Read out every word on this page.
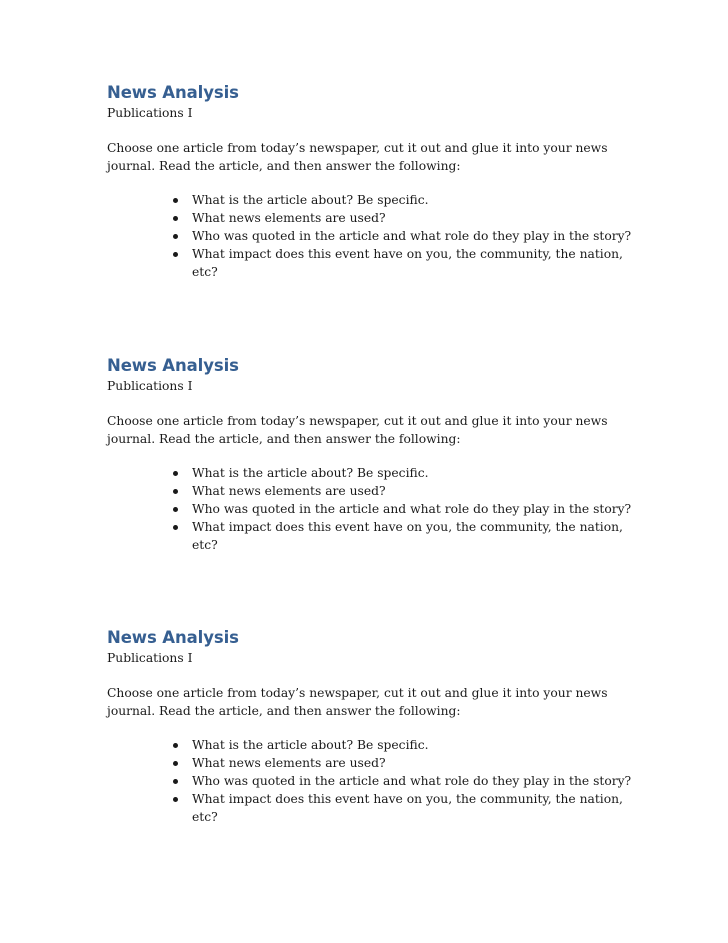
News Analysis
Publications I
Choose one article from today’s newspaper, cut it out and glue it into your news journal. Read the article, and then answer the following:
What is the article about? Be specific.
What news elements are used?
Who was quoted in the article and what role do they play in the story?
What impact does this event have on you, the community, the nation, etc?
News Analysis
Publications I
Choose one article from today’s newspaper, cut it out and glue it into your news journal. Read the article, and then answer the following:
What is the article about? Be specific.
What news elements are used?
Who was quoted in the article and what role do they play in the story?
What impact does this event have on you, the community, the nation, etc?
News Analysis
Publications I
Choose one article from today’s newspaper, cut it out and glue it into your news journal. Read the article, and then answer the following:
What is the article about? Be specific.
What news elements are used?
Who was quoted in the article and what role do they play in the story?
What impact does this event have on you, the community, the nation, etc?
